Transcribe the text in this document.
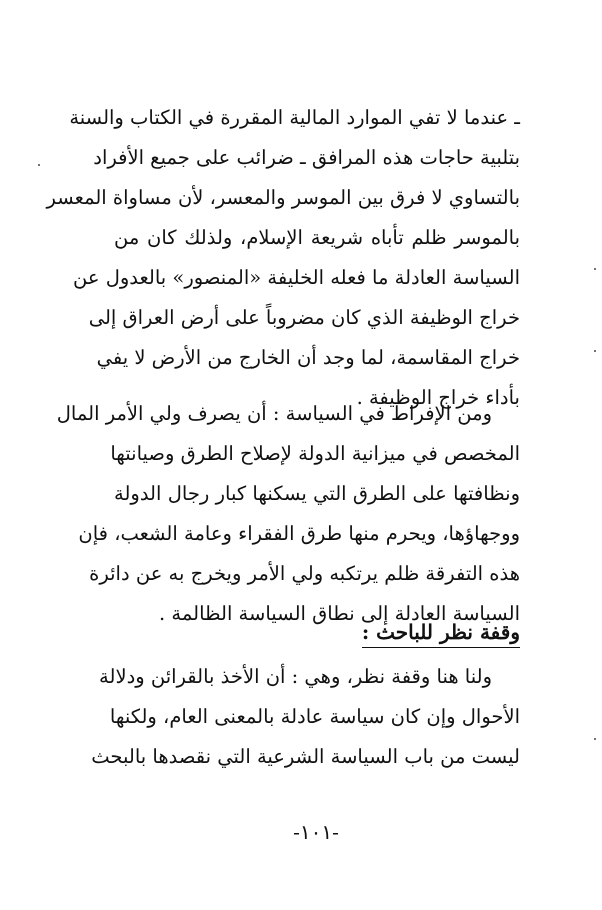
ـ عندما لا تفي الموارد المالية المقررة في الكتاب والسنة
بتلبية حاجات هذه المرافق ـ ضرائب على جميع الأفراد
بالتساوي لا فرق بين الموسر والمعسر، لأن مساواة المعسر
بالموسر ظلم تأباه شريعة الإسلام، ولذلك كان من
السياسة العادلة ما فعله الخليفة «المنصور» بالعدول عن
خراج الوظيفة الذي كان مضروباً على أرض العراق إلى
خراج المقاسمة، لما وجد أن الخارج من الأرض لا يفي
بأداء خراج الوظيفة .
ومن الإفراط في السياسة : أن يصرف ولي الأمر المال
المخصص في ميزانية الدولة لإصلاح الطرق وصيانتها
ونظافتها على الطرق التي يسكنها كبار رجال الدولة
ووجهاؤها، ويحرم منها طرق الفقراء وعامة الشعب، فإن
هذه التفرقة ظلم يرتكبه ولي الأمر ويخرج به عن دائرة
السياسة العادلة إلى نطاق السياسة الظالمة .
وقفة نظر للباحث :
ولنا هنا وقفة نظر، وهي : أن الأخذ بالقرائن ودلالة
الأحوال وإن كان سياسة عادلة بالمعنى العام، ولكنها
ليست من باب السياسة الشرعية التي نقصدها بالبحث
-١٠١-
